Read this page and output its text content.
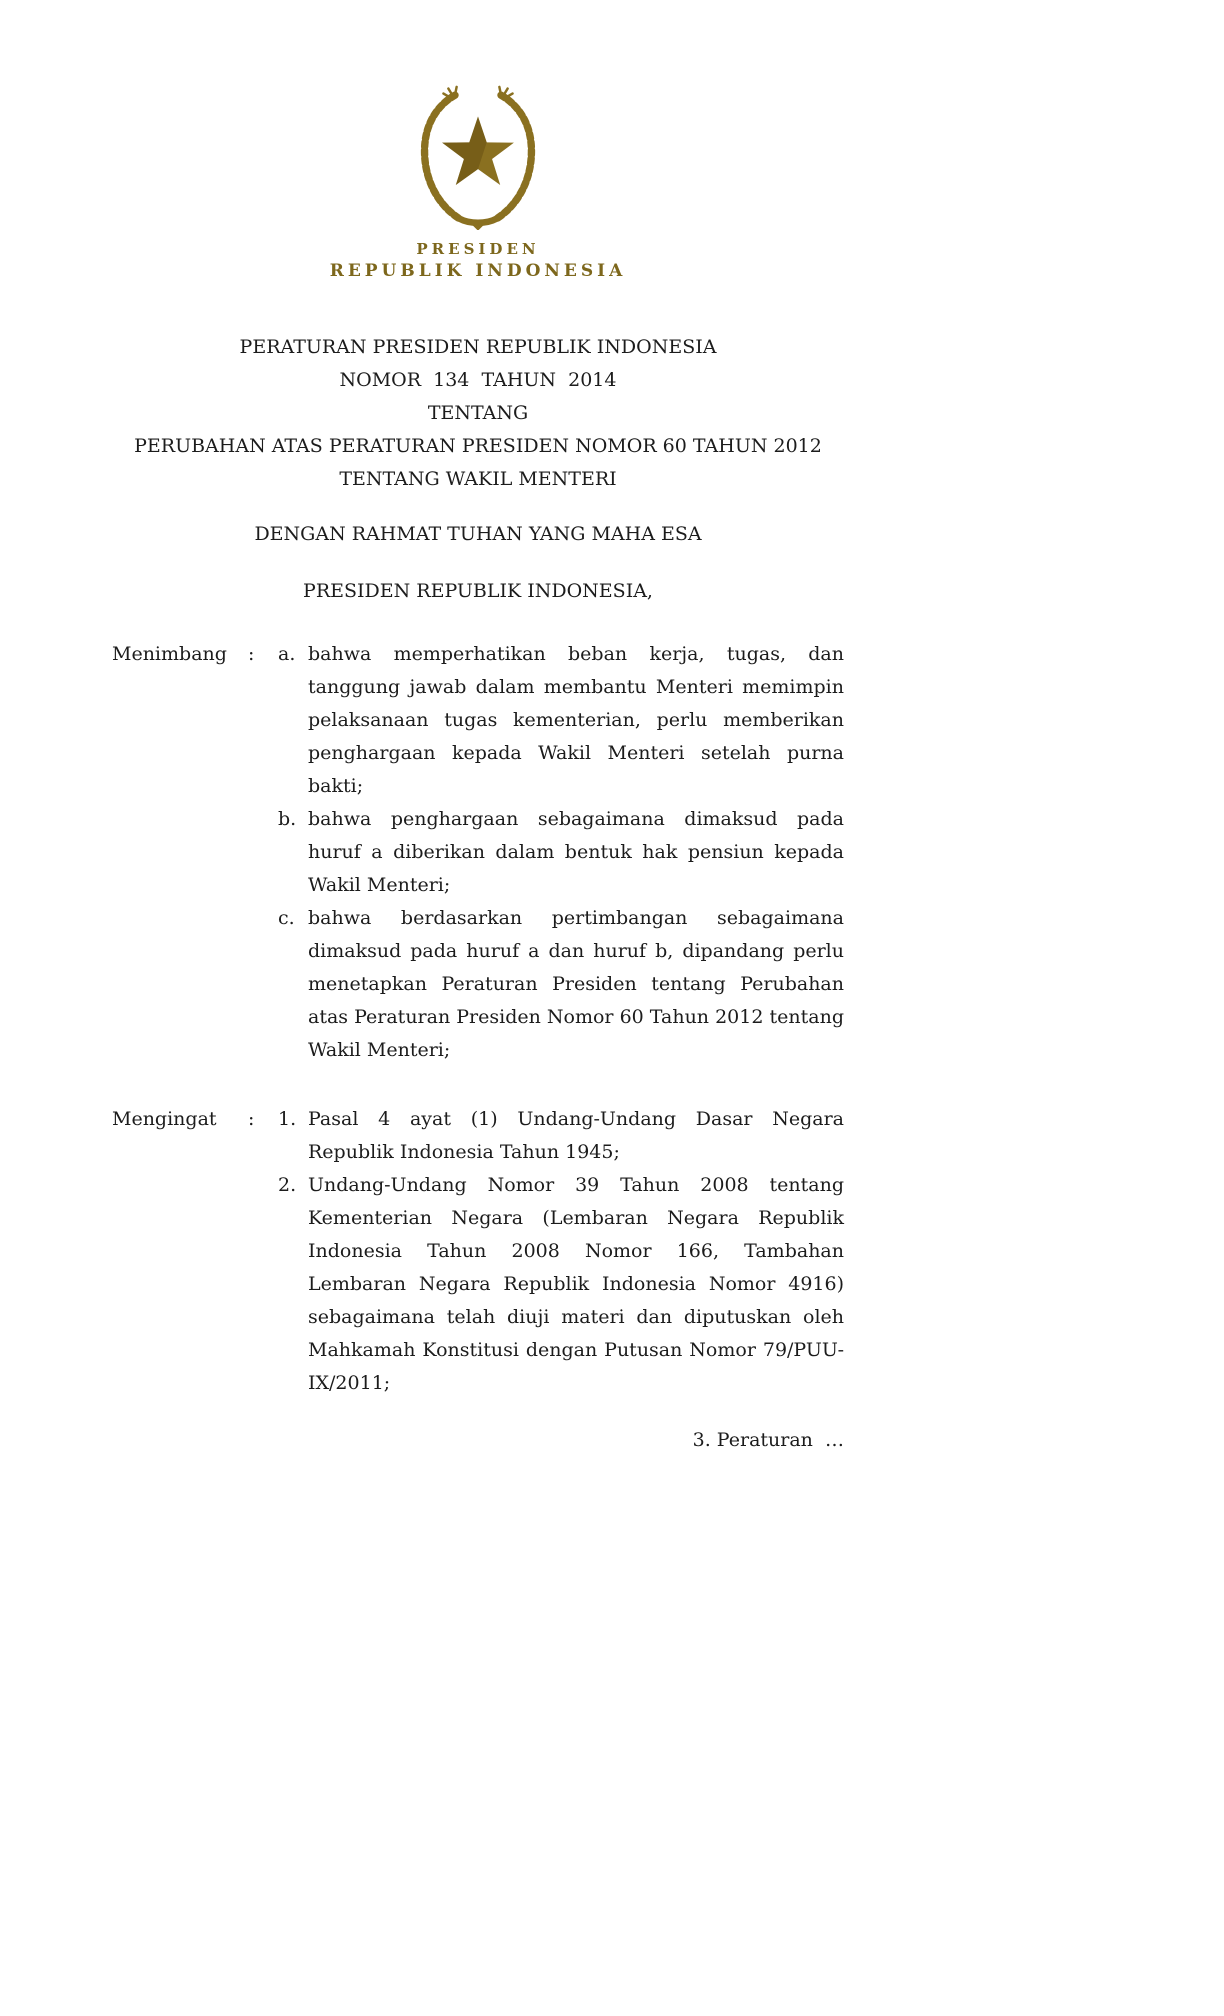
PRESIDEN
REPUBLIK INDONESIA
PERATURAN PRESIDEN REPUBLIK INDONESIA
NOMOR  134  TAHUN  2014
TENTANG
PERUBAHAN ATAS PERATURAN PRESIDEN NOMOR 60 TAHUN 2012
TENTANG WAKIL MENTERI
DENGAN RAHMAT TUHAN YANG MAHA ESA
PRESIDEN REPUBLIK INDONESIA,
Menimbang	:	a. bahwa memperhatikan beban kerja, tugas, dan tanggung jawab dalam membantu Menteri memimpin pelaksanaan tugas kementerian, perlu memberikan penghargaan kepada Wakil Menteri setelah purna bakti;
b. bahwa penghargaan sebagaimana dimaksud pada huruf a diberikan dalam bentuk hak pensiun kepada Wakil Menteri;
c. bahwa berdasarkan pertimbangan sebagaimana dimaksud pada huruf a dan huruf b, dipandang perlu menetapkan Peraturan Presiden tentang Perubahan atas Peraturan Presiden Nomor 60 Tahun 2012 tentang Wakil Menteri;
Mengingat	:	1. Pasal 4 ayat (1) Undang-Undang Dasar Negara Republik Indonesia Tahun 1945;
2. Undang-Undang Nomor 39 Tahun 2008 tentang Kementerian Negara (Lembaran Negara Republik Indonesia Tahun 2008 Nomor 166, Tambahan Lembaran Negara Republik Indonesia Nomor 4916) sebagaimana telah diuji materi dan diputuskan oleh Mahkamah Konstitusi dengan Putusan Nomor 79/PUU-IX/2011;
3. Peraturan  …
